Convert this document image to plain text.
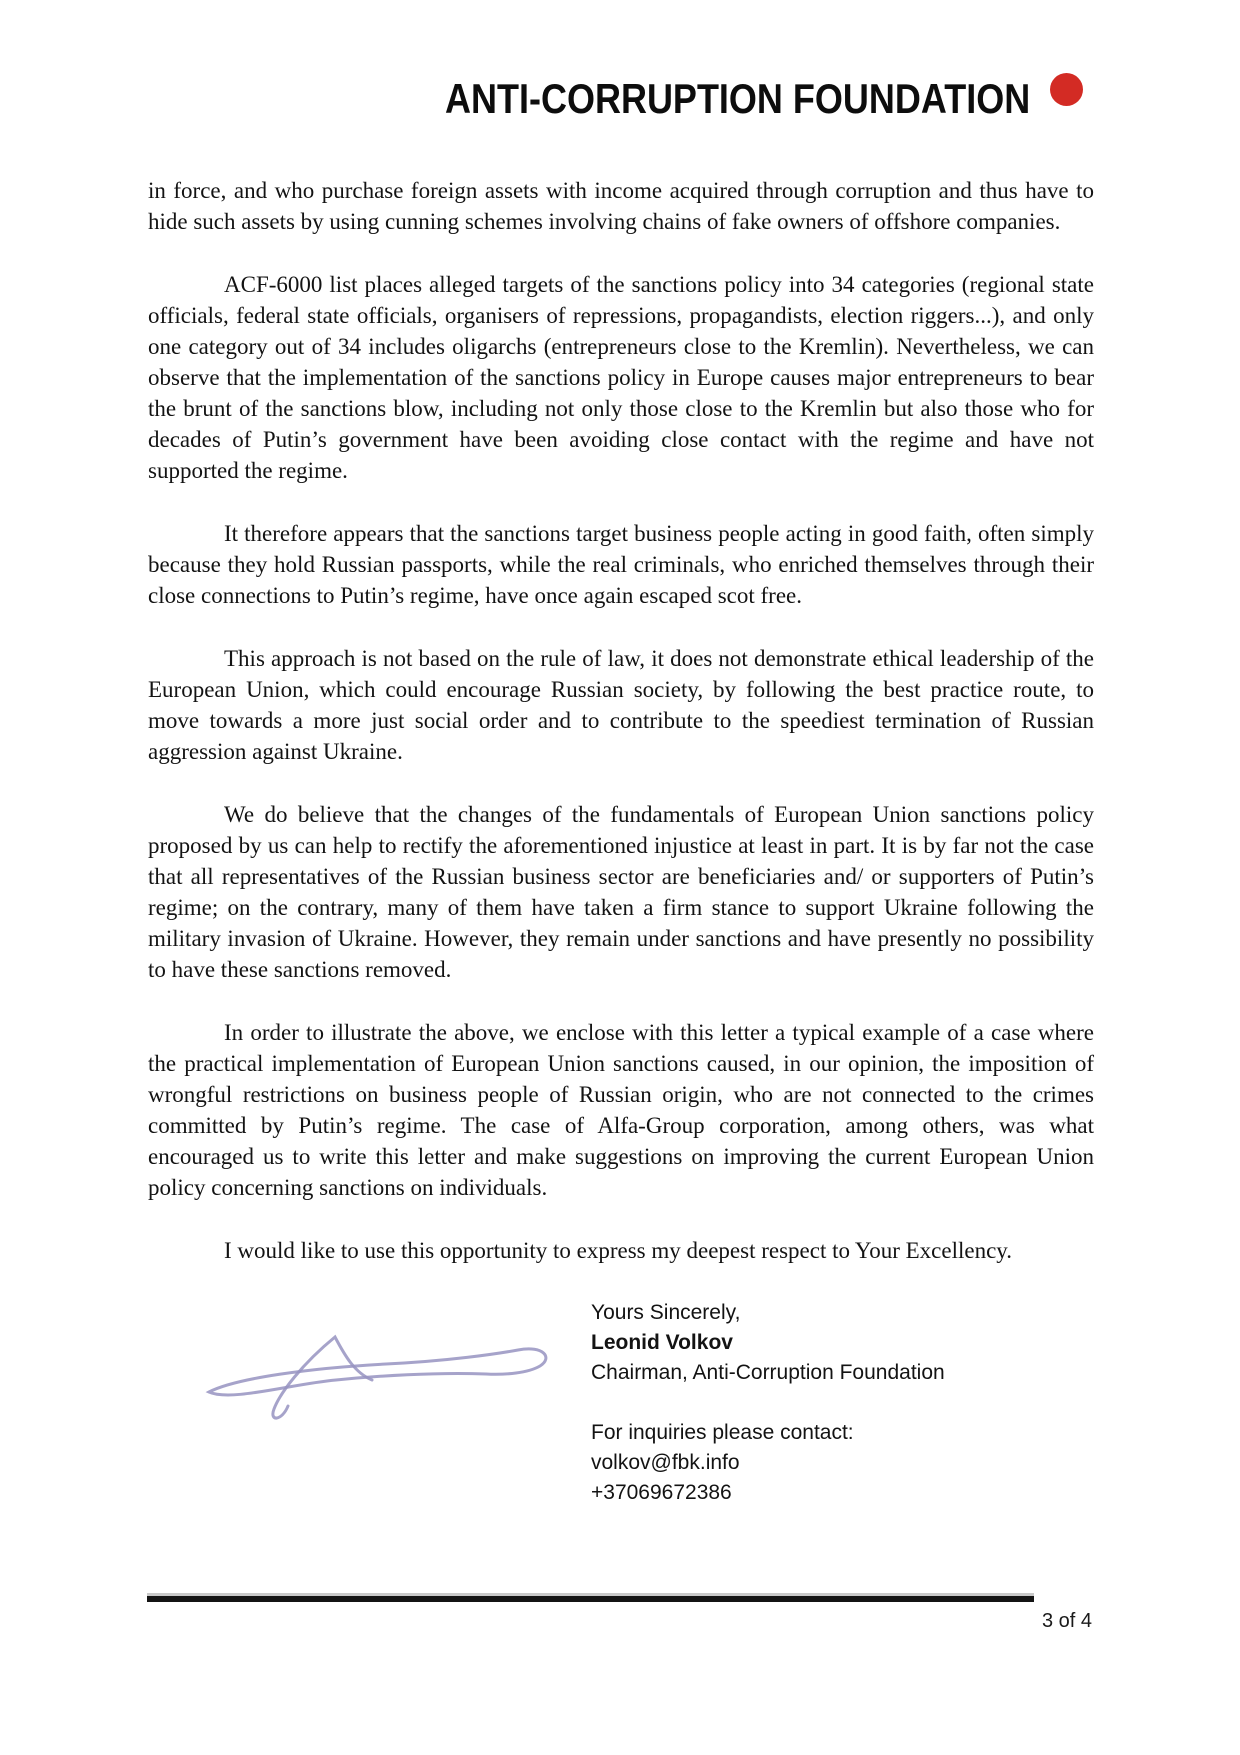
ANTI-CORRUPTION FOUNDATION

in force, and who purchase foreign assets with income acquired through corruption and thus have to hide such assets by using cunning schemes involving chains of fake owners of offshore companies.

ACF-6000 list places alleged targets of the sanctions policy into 34 categories (regional state officials, federal state officials, organisers of repressions, propagandists, election riggers...), and only one category out of 34 includes oligarchs (entrepreneurs close to the Kremlin). Nevertheless, we can observe that the implementation of the sanctions policy in Europe causes major entrepreneurs to bear the brunt of the sanctions blow, including not only those close to the Kremlin but also those who for decades of Putin’s government have been avoiding close contact with the regime and have not supported the regime.

It therefore appears that the sanctions target business people acting in good faith, often simply because they hold Russian passports, while the real criminals, who enriched themselves through their close connections to Putin’s regime, have once again escaped scot free.

This approach is not based on the rule of law, it does not demonstrate ethical leadership of the European Union, which could encourage Russian society, by following the best practice route, to move towards a more just social order and to contribute to the speediest termination of Russian aggression against Ukraine.

We do believe that the changes of the fundamentals of European Union sanctions policy proposed by us can help to rectify the aforementioned injustice at least in part. It is by far not the case that all representatives of the Russian business sector are beneficiaries and/ or supporters of Putin’s regime; on the contrary, many of them have taken a firm stance to support Ukraine following the military invasion of Ukraine. However, they remain under sanctions and have presently no possibility to have these sanctions removed.

In order to illustrate the above, we enclose with this letter a typical example of a case where the practical implementation of European Union sanctions caused, in our opinion, the imposition of wrongful restrictions on business people of Russian origin, who are not connected to the crimes committed by Putin’s regime. The case of Alfa-Group corporation, among others, was what encouraged us to write this letter and make suggestions on improving the current European Union policy concerning sanctions on individuals.

I would like to use this opportunity to express my deepest respect to Your Excellency.

Yours Sincerely,
Leonid Volkov
Chairman, Anti-Corruption Foundation
For inquiries please contact:
volkov@fbk.info
+37069672386
3 of 4
